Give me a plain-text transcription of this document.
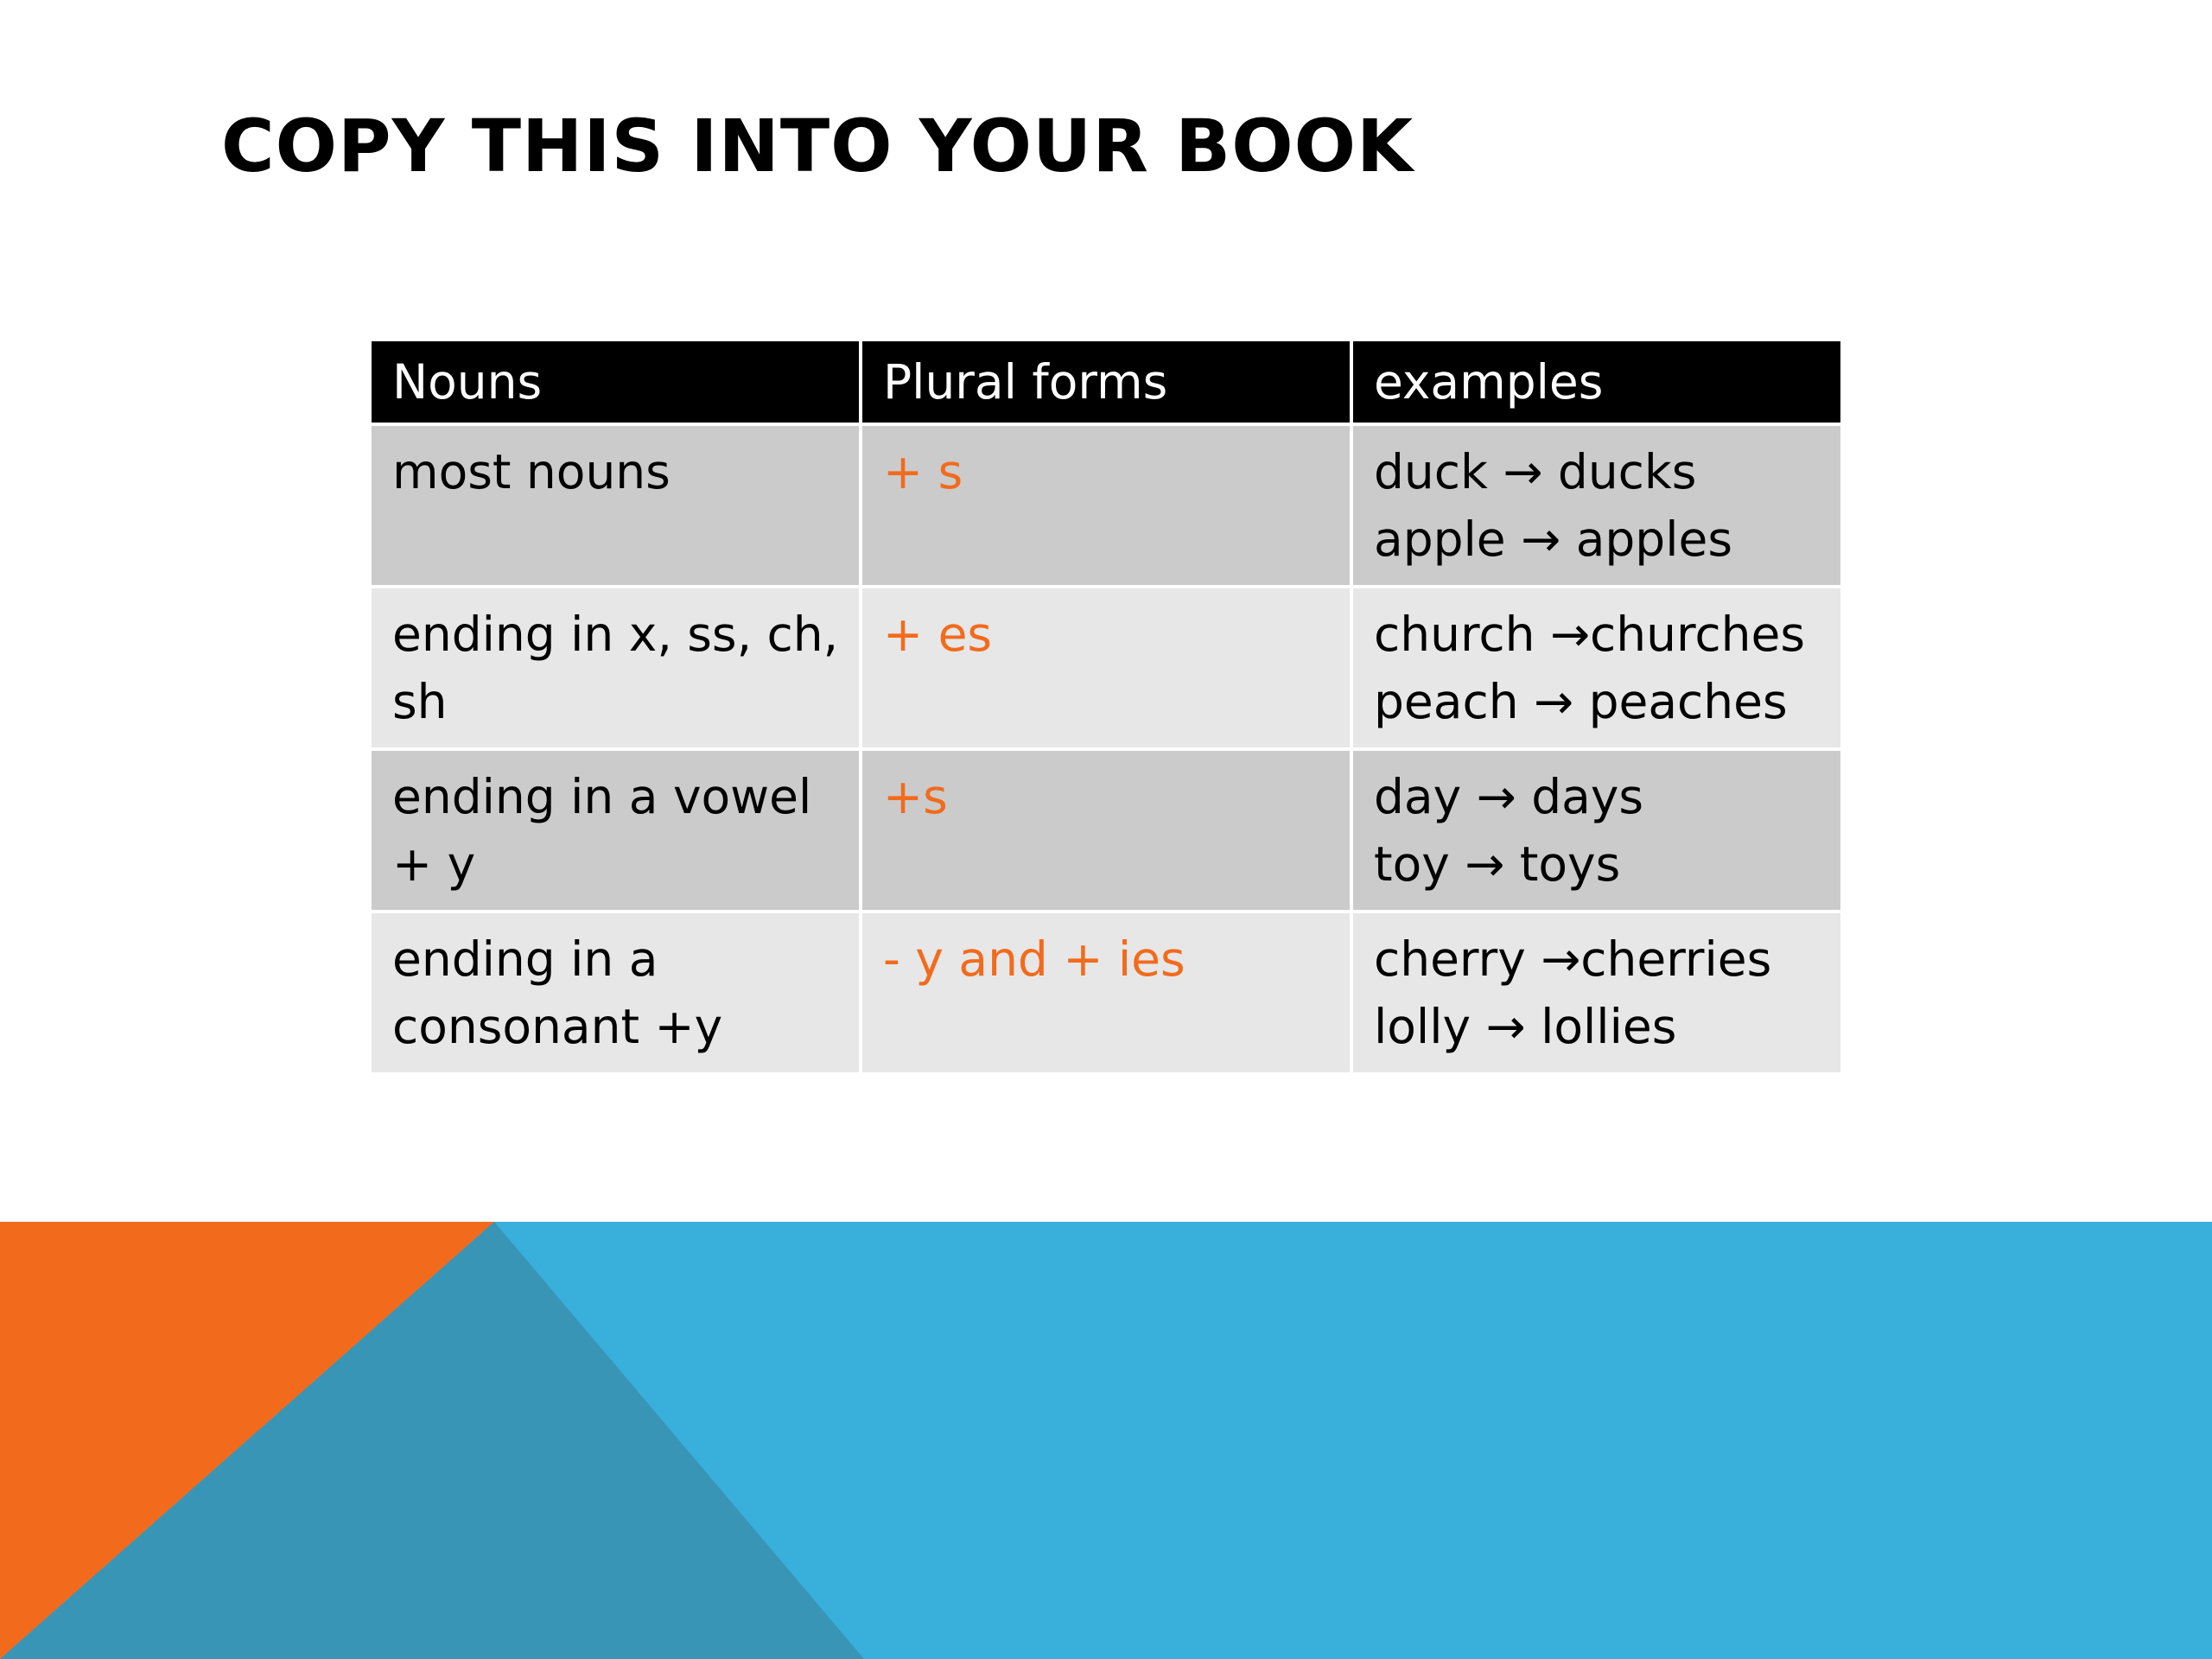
COPY THIS INTO YOUR BOOK
Nouns	Plural forms	examples
most nouns	+ s	duck → ducks
apple → apples

ending in x, ss, ch, sh	+ es	church →churches
peach → peaches

ending in a vowel + y	+s	day → days
toy → toys

ending in a consonant +y	- y and + ies	cherry →cherries
lolly → lollies
